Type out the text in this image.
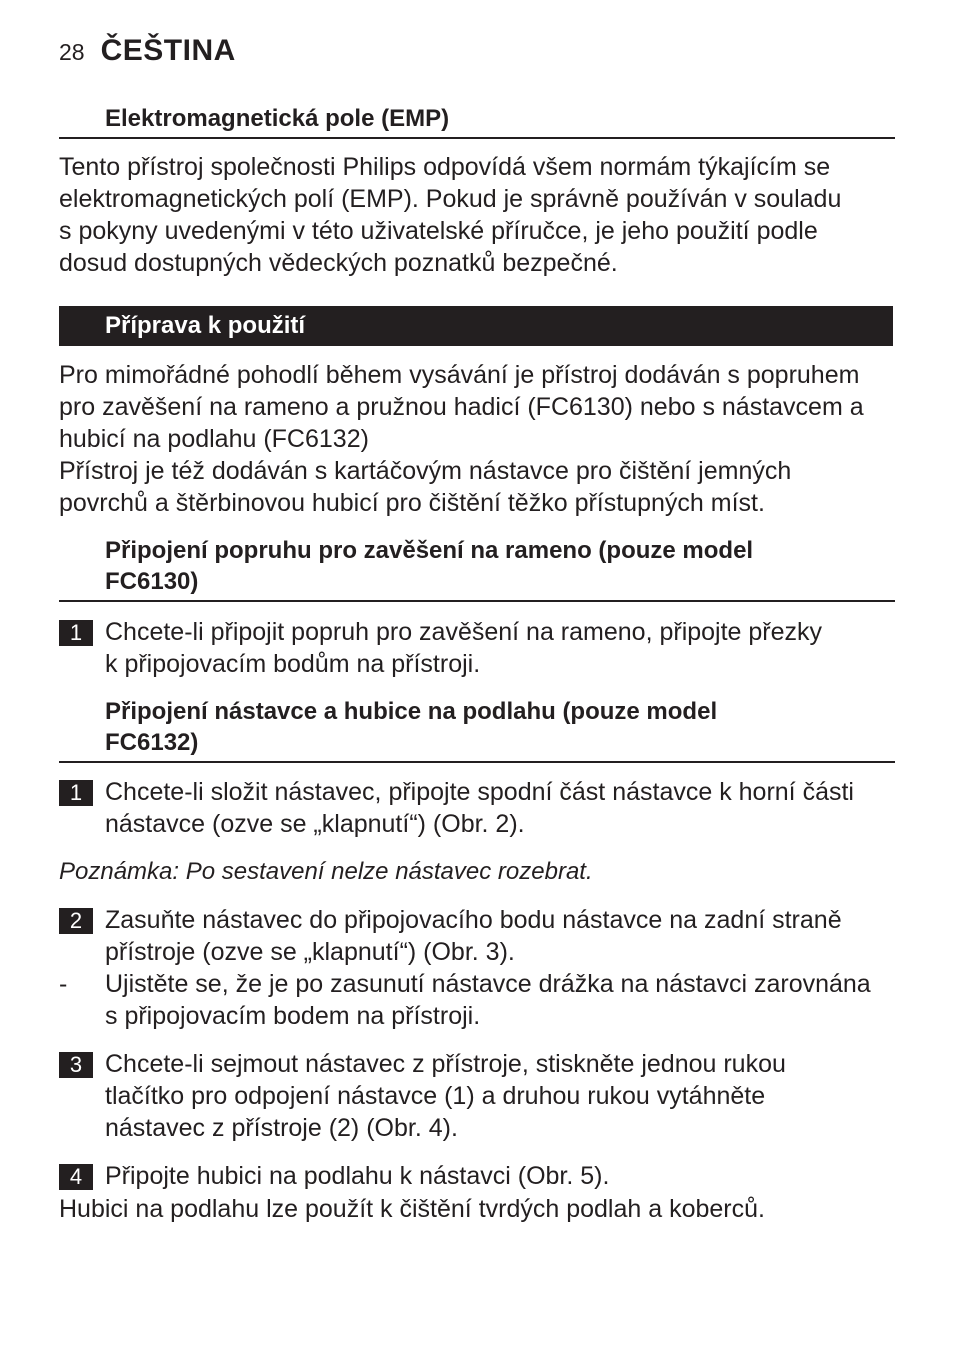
28 ČEŠTINA
Elektromagnetická pole (EMP)
Tento přístroj společnosti Philips odpovídá všem normám týkajícím se
elektromagnetických polí (EMP). Pokud je správně používán v souladu
s pokyny uvedenými v této uživatelské příručce, je jeho použití podle
dosud dostupných vědeckých poznatků bezpečné.
Příprava k použití
Pro mimořádné pohodlí během vysávání je přístroj dodáván s popruhem
pro zavěšení na rameno a pružnou hadicí (FC6130) nebo s nástavcem a
hubicí na podlahu (FC6132)
Přístroj je též dodáván s kartáčovým nástavce pro čištění jemných
povrchů a štěrbinovou hubicí pro čištění těžko přístupných míst.
Připojení popruhu pro zavěšení na rameno (pouze model
FC6130)
1 Chcete-li připojit popruh pro zavěšení na rameno, připojte přezky
k připojovacím bodům na přístroji.
Připojení nástavce a hubice na podlahu (pouze model
FC6132)
1 Chcete-li složit nástavec, připojte spodní část nástavce k horní části
nástavce (ozve se „klapnutí“) (Obr. 2).
Poznámka: Po sestavení nelze nástavec rozebrat.
2 Zasuňte nástavec do připojovacího bodu nástavce na zadní straně
přístroje (ozve se „klapnutí“) (Obr. 3).
- Ujistěte se, že je po zasunutí nástavce drážka na nástavci zarovnána
s připojovacím bodem na přístroji.
3 Chcete-li sejmout nástavec z přístroje, stiskněte jednou rukou
tlačítko pro odpojení nástavce (1) a druhou rukou vytáhněte
nástavec z přístroje (2) (Obr. 4).
4 Připojte hubici na podlahu k nástavci (Obr. 5).
Hubici na podlahu lze použít k čištění tvrdých podlah a koberců.
